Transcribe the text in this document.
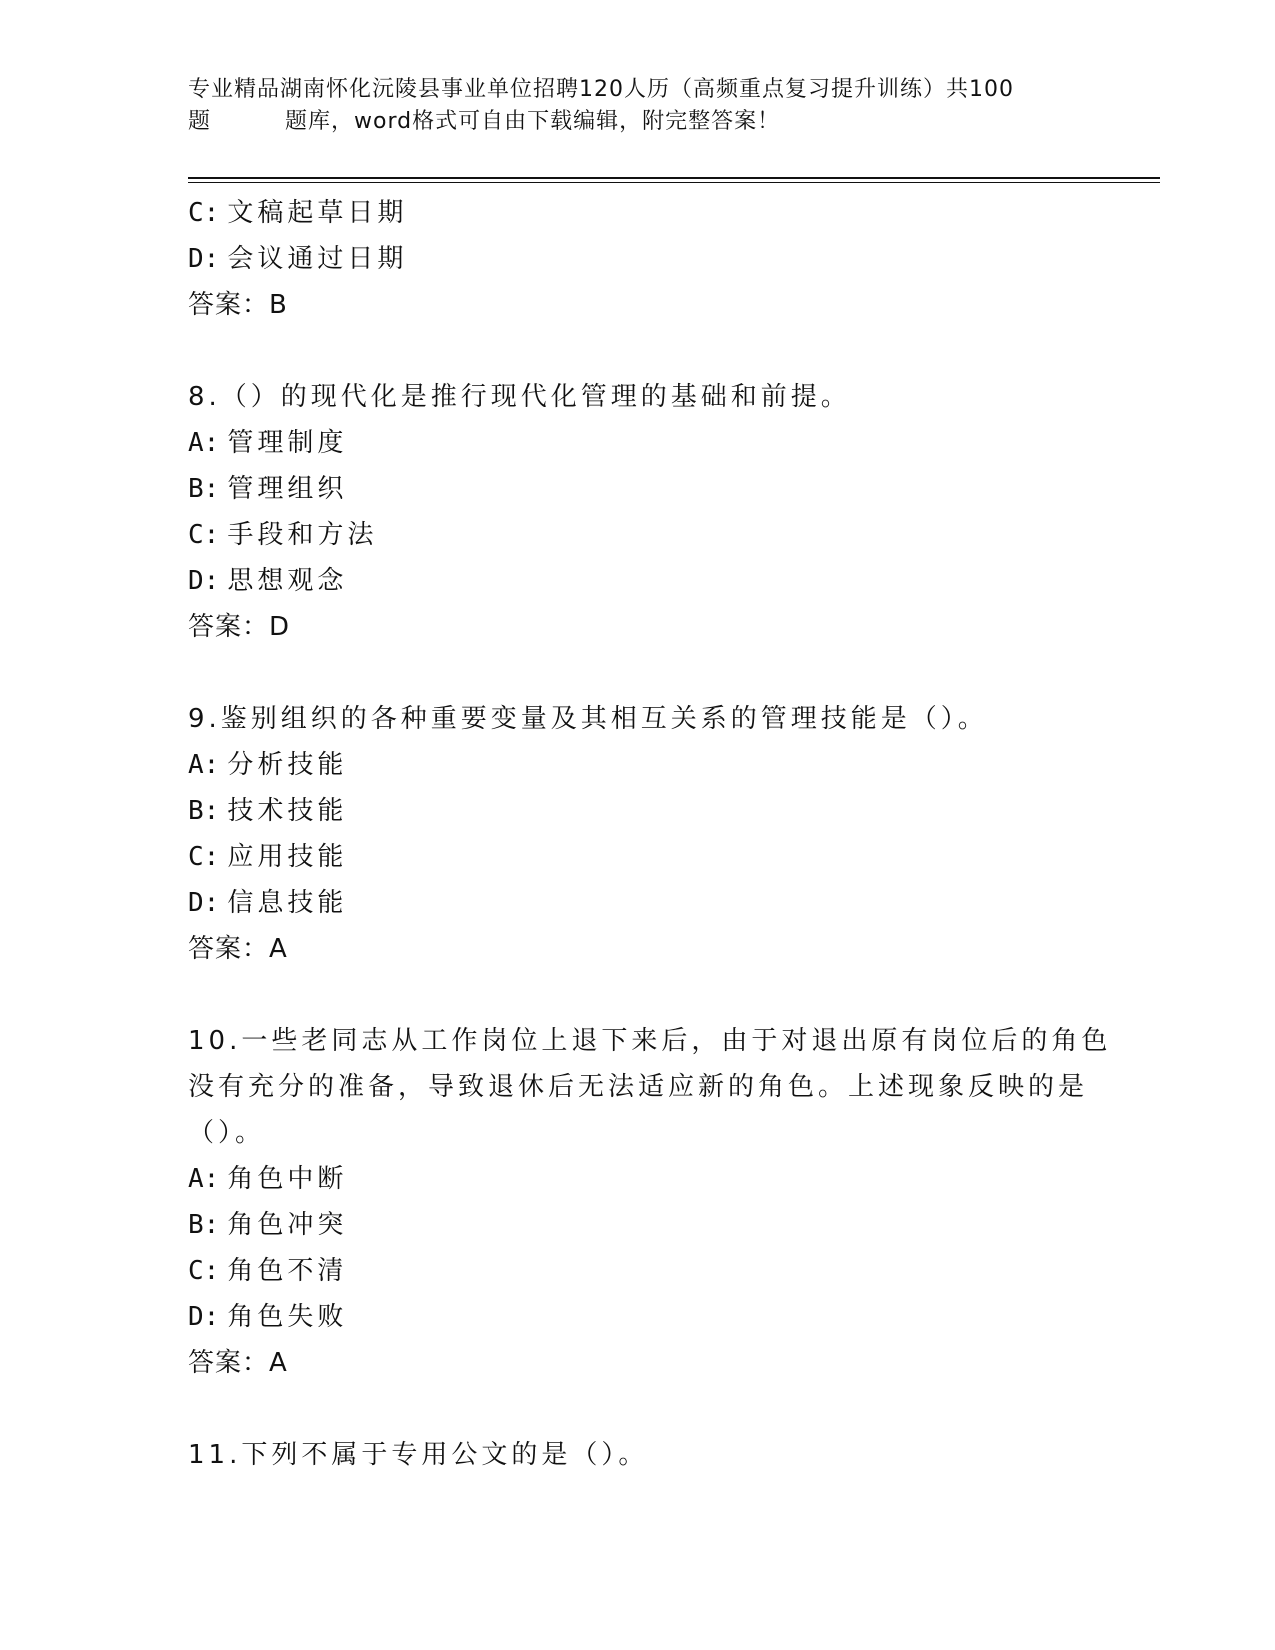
专业精品湖南怀化沅陵县事业单位招聘120人历（高频重点复习提升训练）共100
题	题库，word格式可自由下载编辑，附完整答案！
C: 文稿起草日期
D: 会议通过日期
答案：B
8.（）的现代化是推行现代化管理的基础和前提。
A: 管理制度
B: 管理组织
C: 手段和方法
D: 思想观念
答案：D
9.鉴别组织的各种重要变量及其相互关系的管理技能是（）。
A: 分析技能
B: 技术技能
C: 应用技能
D: 信息技能
答案：A
10.一些老同志从工作岗位上退下来后，由于对退出原有岗位后的角色
没有充分的准备，导致退休后无法适应新的角色。上述现象反映的是
（）。
A: 角色中断
B: 角色冲突
C: 角色不清
D: 角色失败
答案：A
11.下列不属于专用公文的是（）。
